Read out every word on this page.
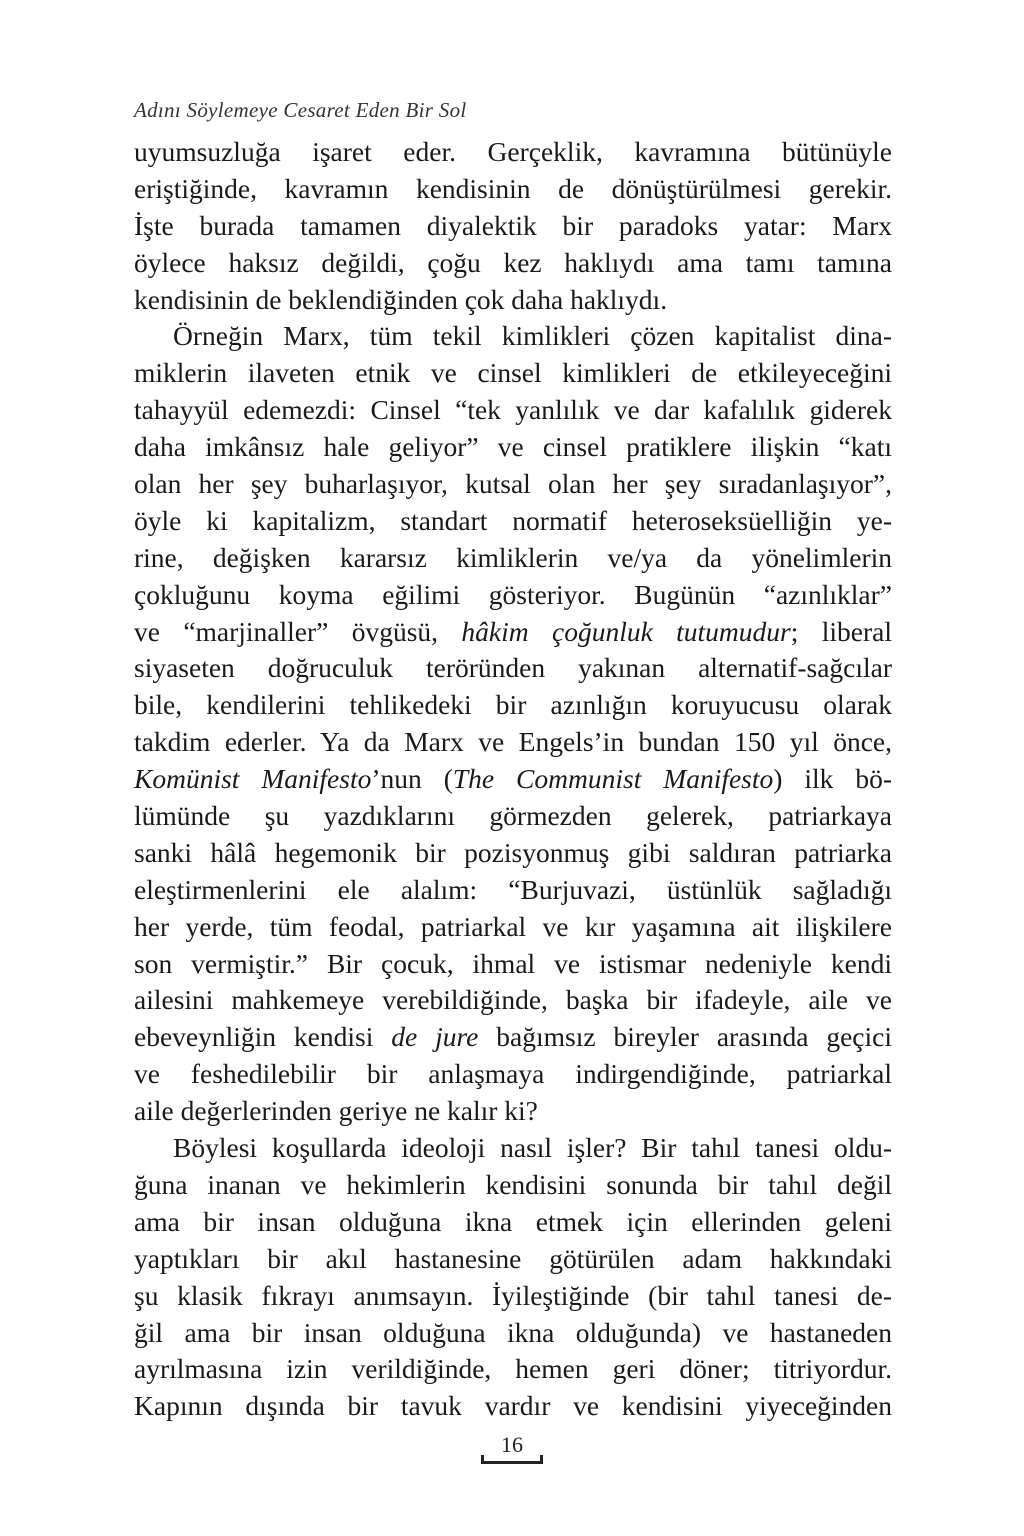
Adını Söylemeye Cesaret Eden Bir Sol
uyumsuzluğa işaret eder. Gerçeklik, kavramına bütünüyle
eriştiğinde, kavramın kendisinin de dönüştürülmesi gerekir.
İşte burada tamamen diyalektik bir paradoks yatar: Marx
öylece haksız değildi, çoğu kez haklıydı ama tamı tamına
kendisinin de beklendiğinden çok daha haklıydı.
Örneğin Marx, tüm tekil kimlikleri çözen kapitalist dina-
miklerin ilaveten etnik ve cinsel kimlikleri de etkileyeceğini
tahayyül edemezdi: Cinsel “tek yanlılık ve dar kafalılık giderek
daha imkânsız hale geliyor” ve cinsel pratiklere ilişkin “katı
olan her şey buharlaşıyor, kutsal olan her şey sıradanlaşıyor”,
öyle ki kapitalizm, standart normatif heteroseksüelliğin ye-
rine, değişken kararsız kimliklerin ve/ya da yönelimlerin
çokluğunu koyma eğilimi gösteriyor. Bugünün “azınlıklar”
ve “marjinaller” övgüsü, hâkim çoğunluk tutumudur; liberal
siyaseten doğruculuk teröründen yakınan alternatif-sağcılar
bile, kendilerini tehlikedeki bir azınlığın koruyucusu olarak
takdim ederler. Ya da Marx ve Engels’in bundan 150 yıl önce,
Komünist Manifesto’nun (The Communist Manifesto) ilk bö-
lümünde şu yazdıklarını görmezden gelerek, patriarkaya
sanki hâlâ hegemonik bir pozisyonmuş gibi saldıran patriarka
eleştirmenlerini ele alalım: “Burjuvazi, üstünlük sağladığı
her yerde, tüm feodal, patriarkal ve kır yaşamına ait ilişkilere
son vermiştir.” Bir çocuk, ihmal ve istismar nedeniyle kendi
ailesini mahkemeye verebildiğinde, başka bir ifadeyle, aile ve
ebeveynliğin kendisi de jure bağımsız bireyler arasında geçici
ve feshedilebilir bir anlaşmaya indirgendiğinde, patriarkal
aile değerlerinden geriye ne kalır ki?
Böylesi koşullarda ideoloji nasıl işler? Bir tahıl tanesi oldu-
ğuna inanan ve hekimlerin kendisini sonunda bir tahıl değil
ama bir insan olduğuna ikna etmek için ellerinden geleni
yaptıkları bir akıl hastanesine götürülen adam hakkındaki
şu klasik fıkrayı anımsayın. İyileştiğinde (bir tahıl tanesi de-
ğil ama bir insan olduğuna ikna olduğunda) ve hastaneden
ayrılmasına izin verildiğinde, hemen geri döner; titriyordur.
Kapının dışında bir tavuk vardır ve kendisini yiyeceğinden
16
